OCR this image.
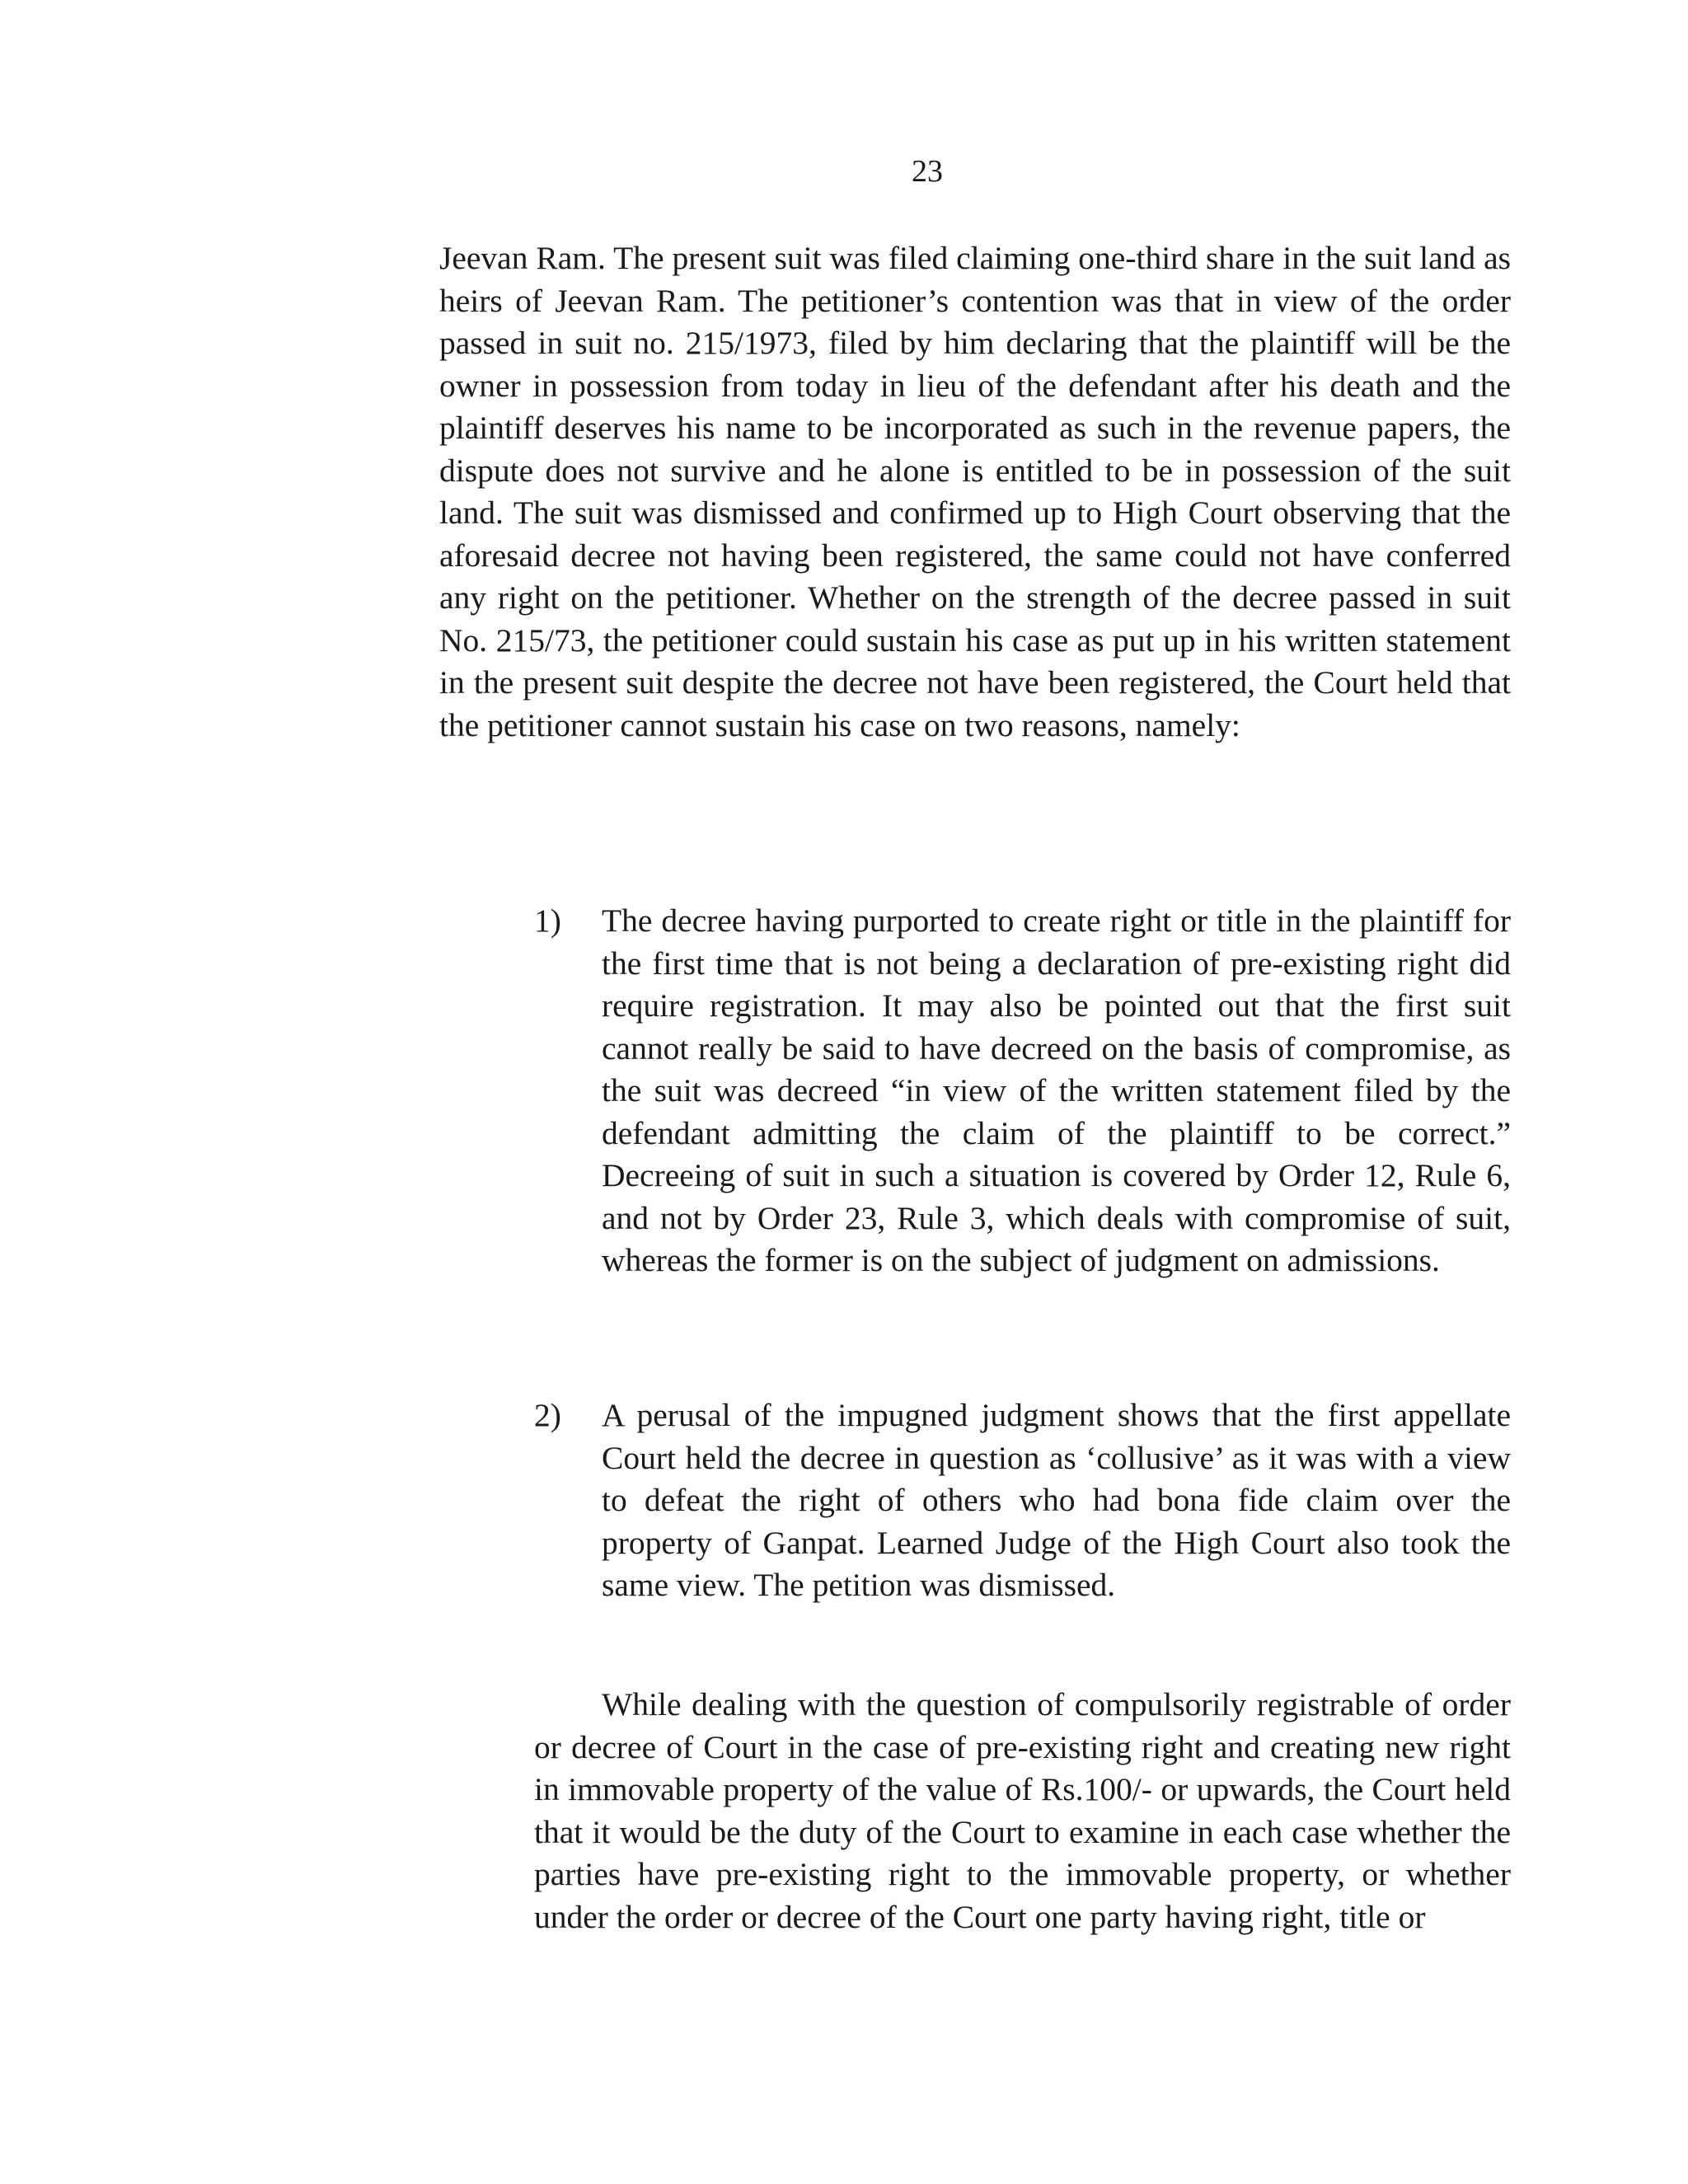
23

Jeevan Ram. The present suit was filed claiming one-third share in the suit land as heirs of Jeevan Ram. The petitioner’s contention was that in view of the order passed in suit no. 215/1973, filed by him declaring that the plaintiff will be the owner in possession from today in lieu of the defendant after his death and the plaintiff deserves his name to be incorporated as such in the revenue papers, the dispute does not survive and he alone is entitled to be in possession of the suit land. The suit was dismissed and confirmed up to High Court observing that the aforesaid decree not having been registered, the same could not have conferred any right on the petitioner. Whether on the strength of the decree passed in suit No. 215/73, the petitioner could sustain his case as put up in his written statement in the present suit despite the decree not have been registered, the Court held that the petitioner cannot sustain his case on two reasons, namely:

1) The decree having purported to create right or title in the plaintiff for the first time that is not being a declaration of pre-existing right did require registration. It may also be pointed out that the first suit cannot really be said to have decreed on the basis of compromise, as the suit was decreed “in view of the written statement filed by the defendant admitting the claim of the plaintiff to be correct.” Decreeing of suit in such a situation is covered by Order 12, Rule 6, and not by Order 23, Rule 3, which deals with compromise of suit, whereas the former is on the subject of judgment on admissions.
2) A perusal of the impugned judgment shows that the first appellate Court held the decree in question as ‘collusive’ as it was with a view to defeat the right of others who had bona fide claim over the property of Ganpat. Learned Judge of the High Court also took the same view. The petition was dismissed.

While dealing with the question of compulsorily registrable of order or decree of Court in the case of pre-existing right and creating new right in immovable property of the value of Rs.100/- or upwards, the Court held that it would be the duty of the Court to examine in each case whether the parties have pre-existing right to the immovable property, or whether under the order or decree of the Court one party having right, title or
